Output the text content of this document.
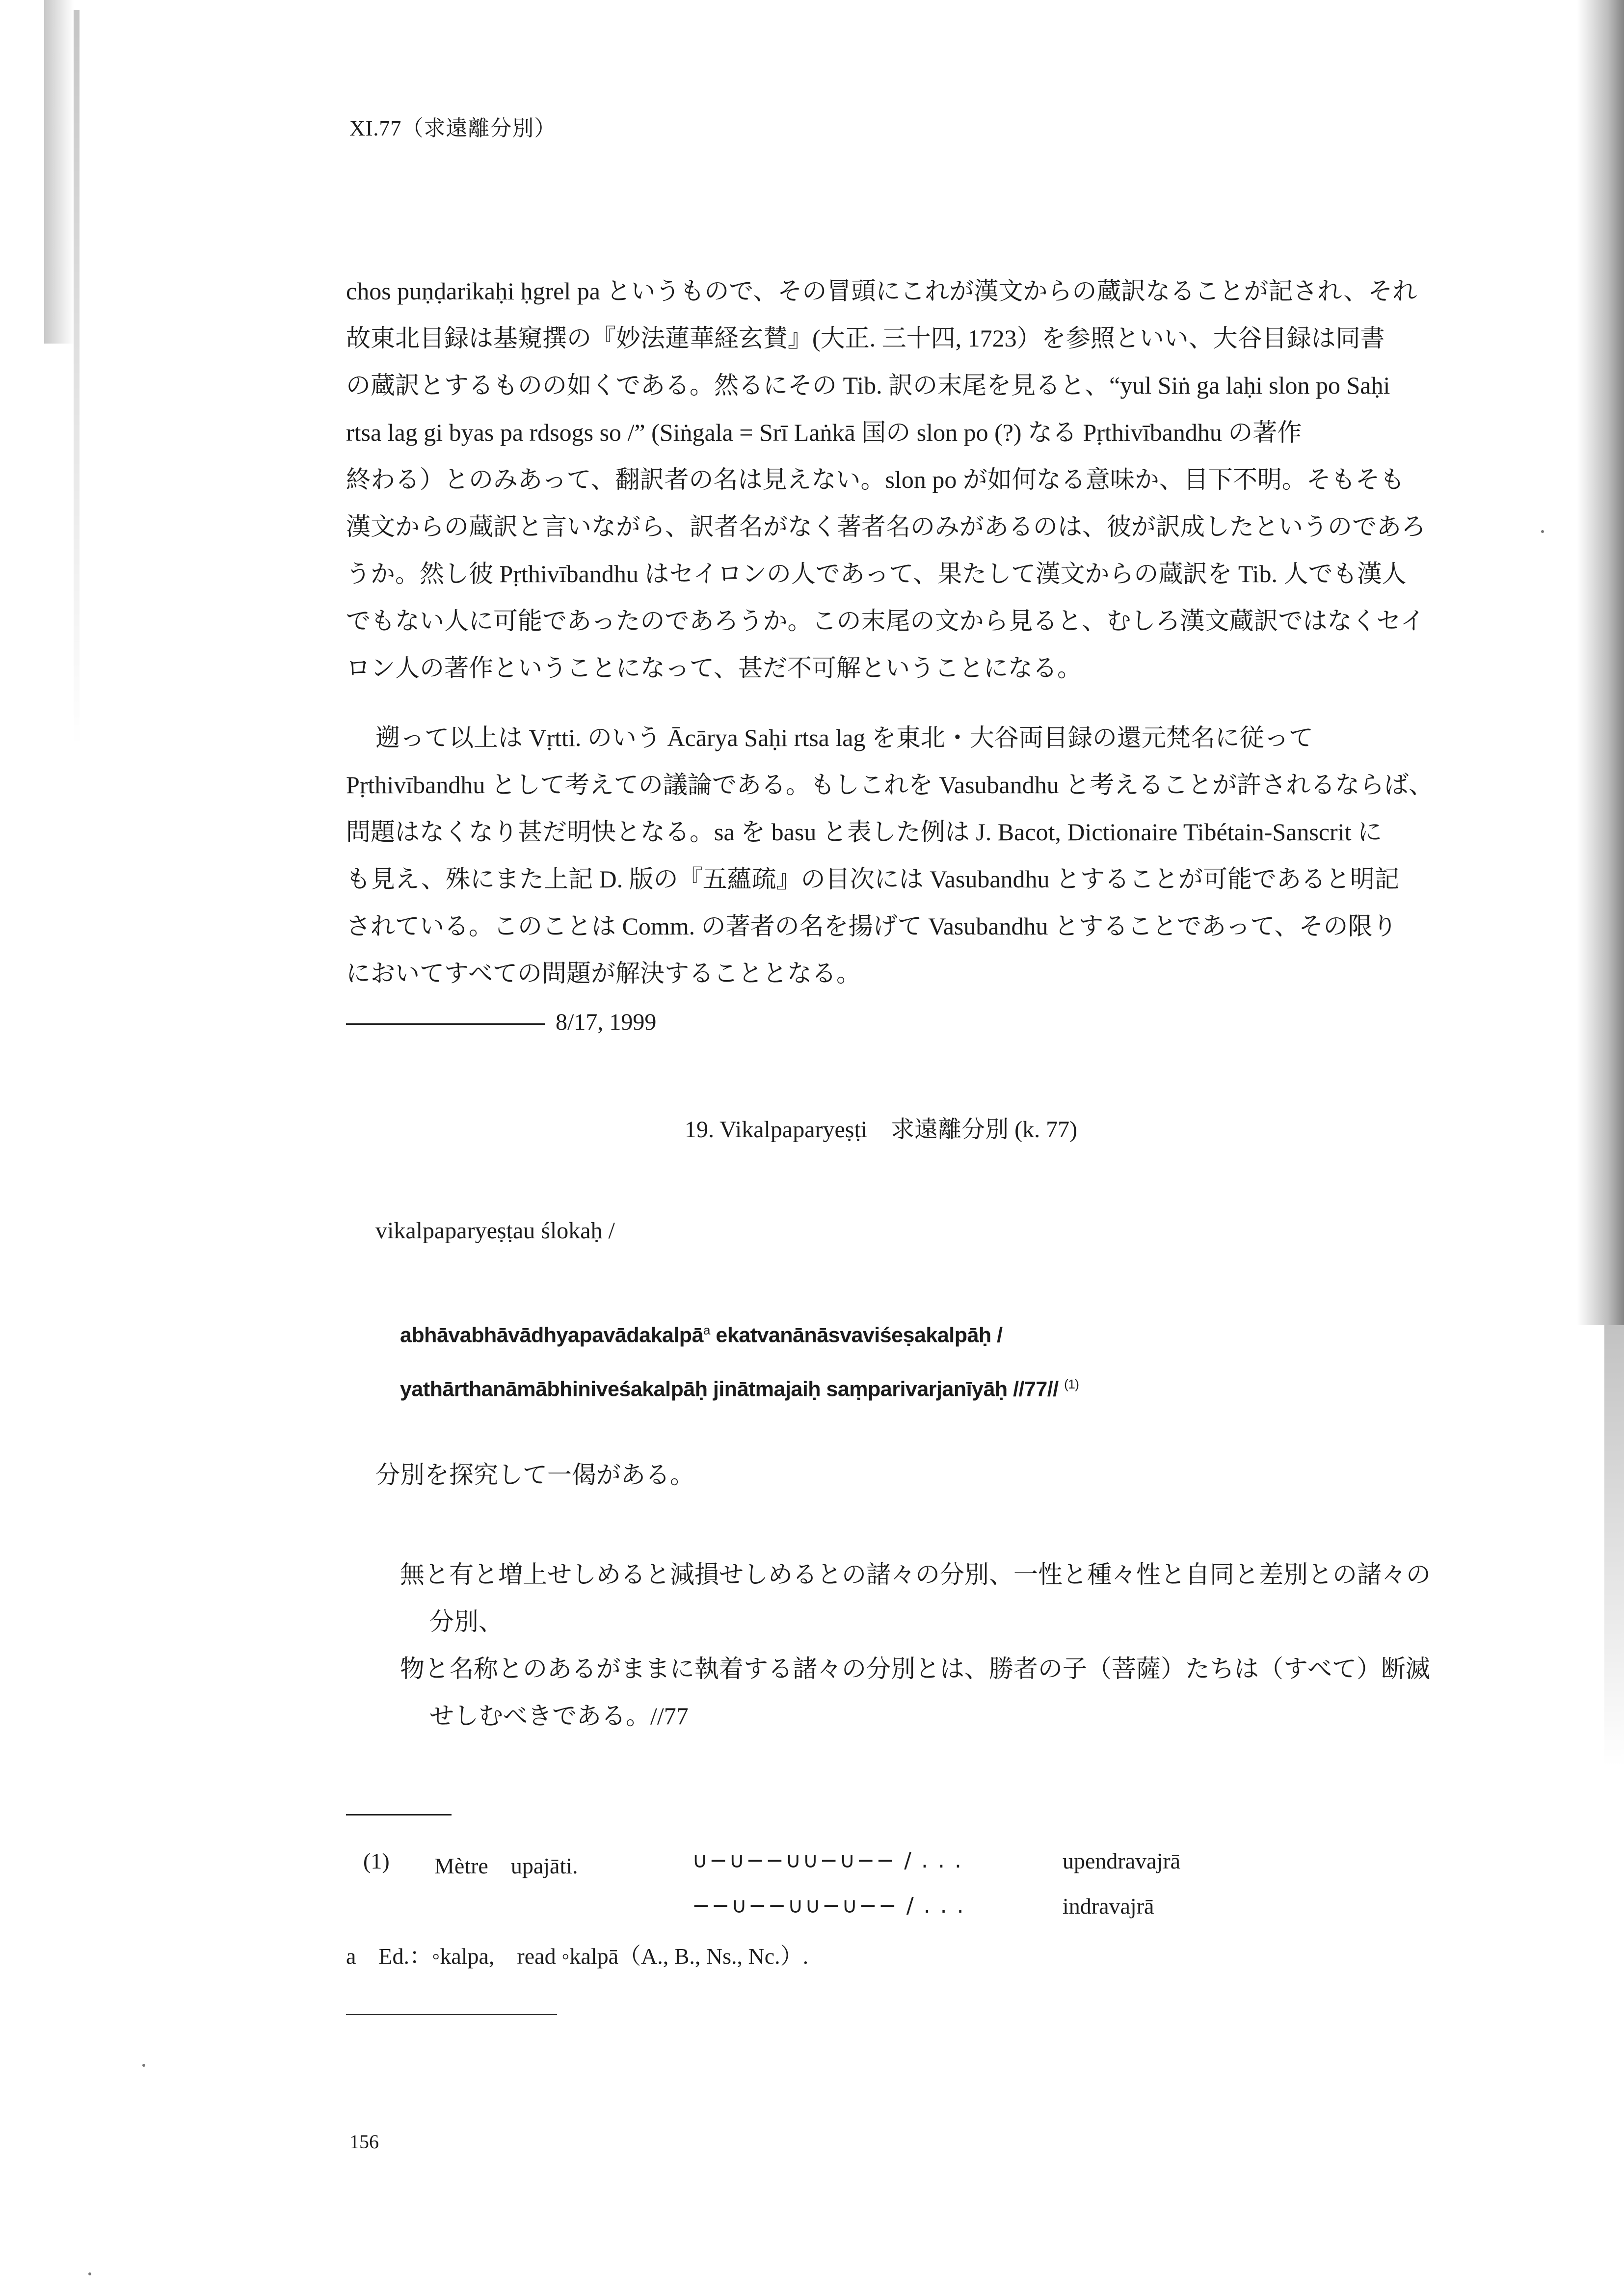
XI.77（求遠離分別）
chos puṇḍarikaḥi ḥgrel pa というもので、その冒頭にこれが漢文からの蔵訳なることが記され、それ
故東北目録は基窺撰の『妙法蓮華経玄賛』(大正. 三十四, 1723）を参照といい、大谷目録は同書
の蔵訳とするものの如くである。然るにその Tib. 訳の末尾を見ると、“yul Siṅ ga laḥi slon po Saḥi
rtsa lag gi byas pa rdsogs so /” (Siṅgala = Srī Laṅkā 国の slon po (?) なる Pṛthivībandhu の著作
終わる）とのみあって、翻訳者の名は見えない。slon po が如何なる意味か、目下不明。そもそも
漢文からの蔵訳と言いながら、訳者名がなく著者名のみがあるのは、彼が訳成したというのであろ
うか。然し彼 Pṛthivībandhu はセイロンの人であって、果たして漢文からの蔵訳を Tib. 人でも漢人
でもない人に可能であったのであろうか。この末尾の文から見ると、むしろ漢文蔵訳ではなくセイ
ロン人の著作ということになって、甚だ不可解ということになる。
遡って以上は Vṛtti. のいう Ācārya Saḥi rtsa lag を東北・大谷両目録の還元梵名に従って
Pṛthivībandhu として考えての議論である。もしこれを Vasubandhu と考えることが許されるならば、
問題はなくなり甚だ明快となる。sa を basu と表した例は J. Bacot, Dictionaire Tibétain-Sanscrit に
も見え、殊にまた上記 D. 版の『五蘊疏』の目次には Vasubandhu とすることが可能であると明記
されている。このことは Comm. の著者の名を揚げて Vasubandhu とすることであって、その限り
においてすべての問題が解決することとなる。
8/17, 1999
19. Vikalpaparyeṣṭi　求遠離分別 (k. 77)
vikalpaparyeṣṭau ślokaḥ /
abhāvabhāvādhyapavādakalpā$^a$ ekatvanānāsvaviśeṣakalpāḥ /
yathārthanāmābhiniveśakalpāḥ jinātmajaiḥ saṃparivarjanīyāḥ //77// $^{(1)}$
分別を探究して一偈がある。
無と有と増上せしめると減損せしめるとの諸々の分別、一性と種々性と自同と差別との諸々の
分別、
物と名称とのあるがままに執着する諸々の分別とは、勝者の子（菩薩）たちは（すべて）断滅
せしむべきである。//77
(1) Mètre　upajāti.	∪−∪−−∪∪−∪−− / . . .	upendravajrā
−−∪−−∪∪−∪−− / . . .	indravajrā
a　Ed.：◦kalpa,　read ◦kalpā（A., B., Ns., Nc.）.
156
